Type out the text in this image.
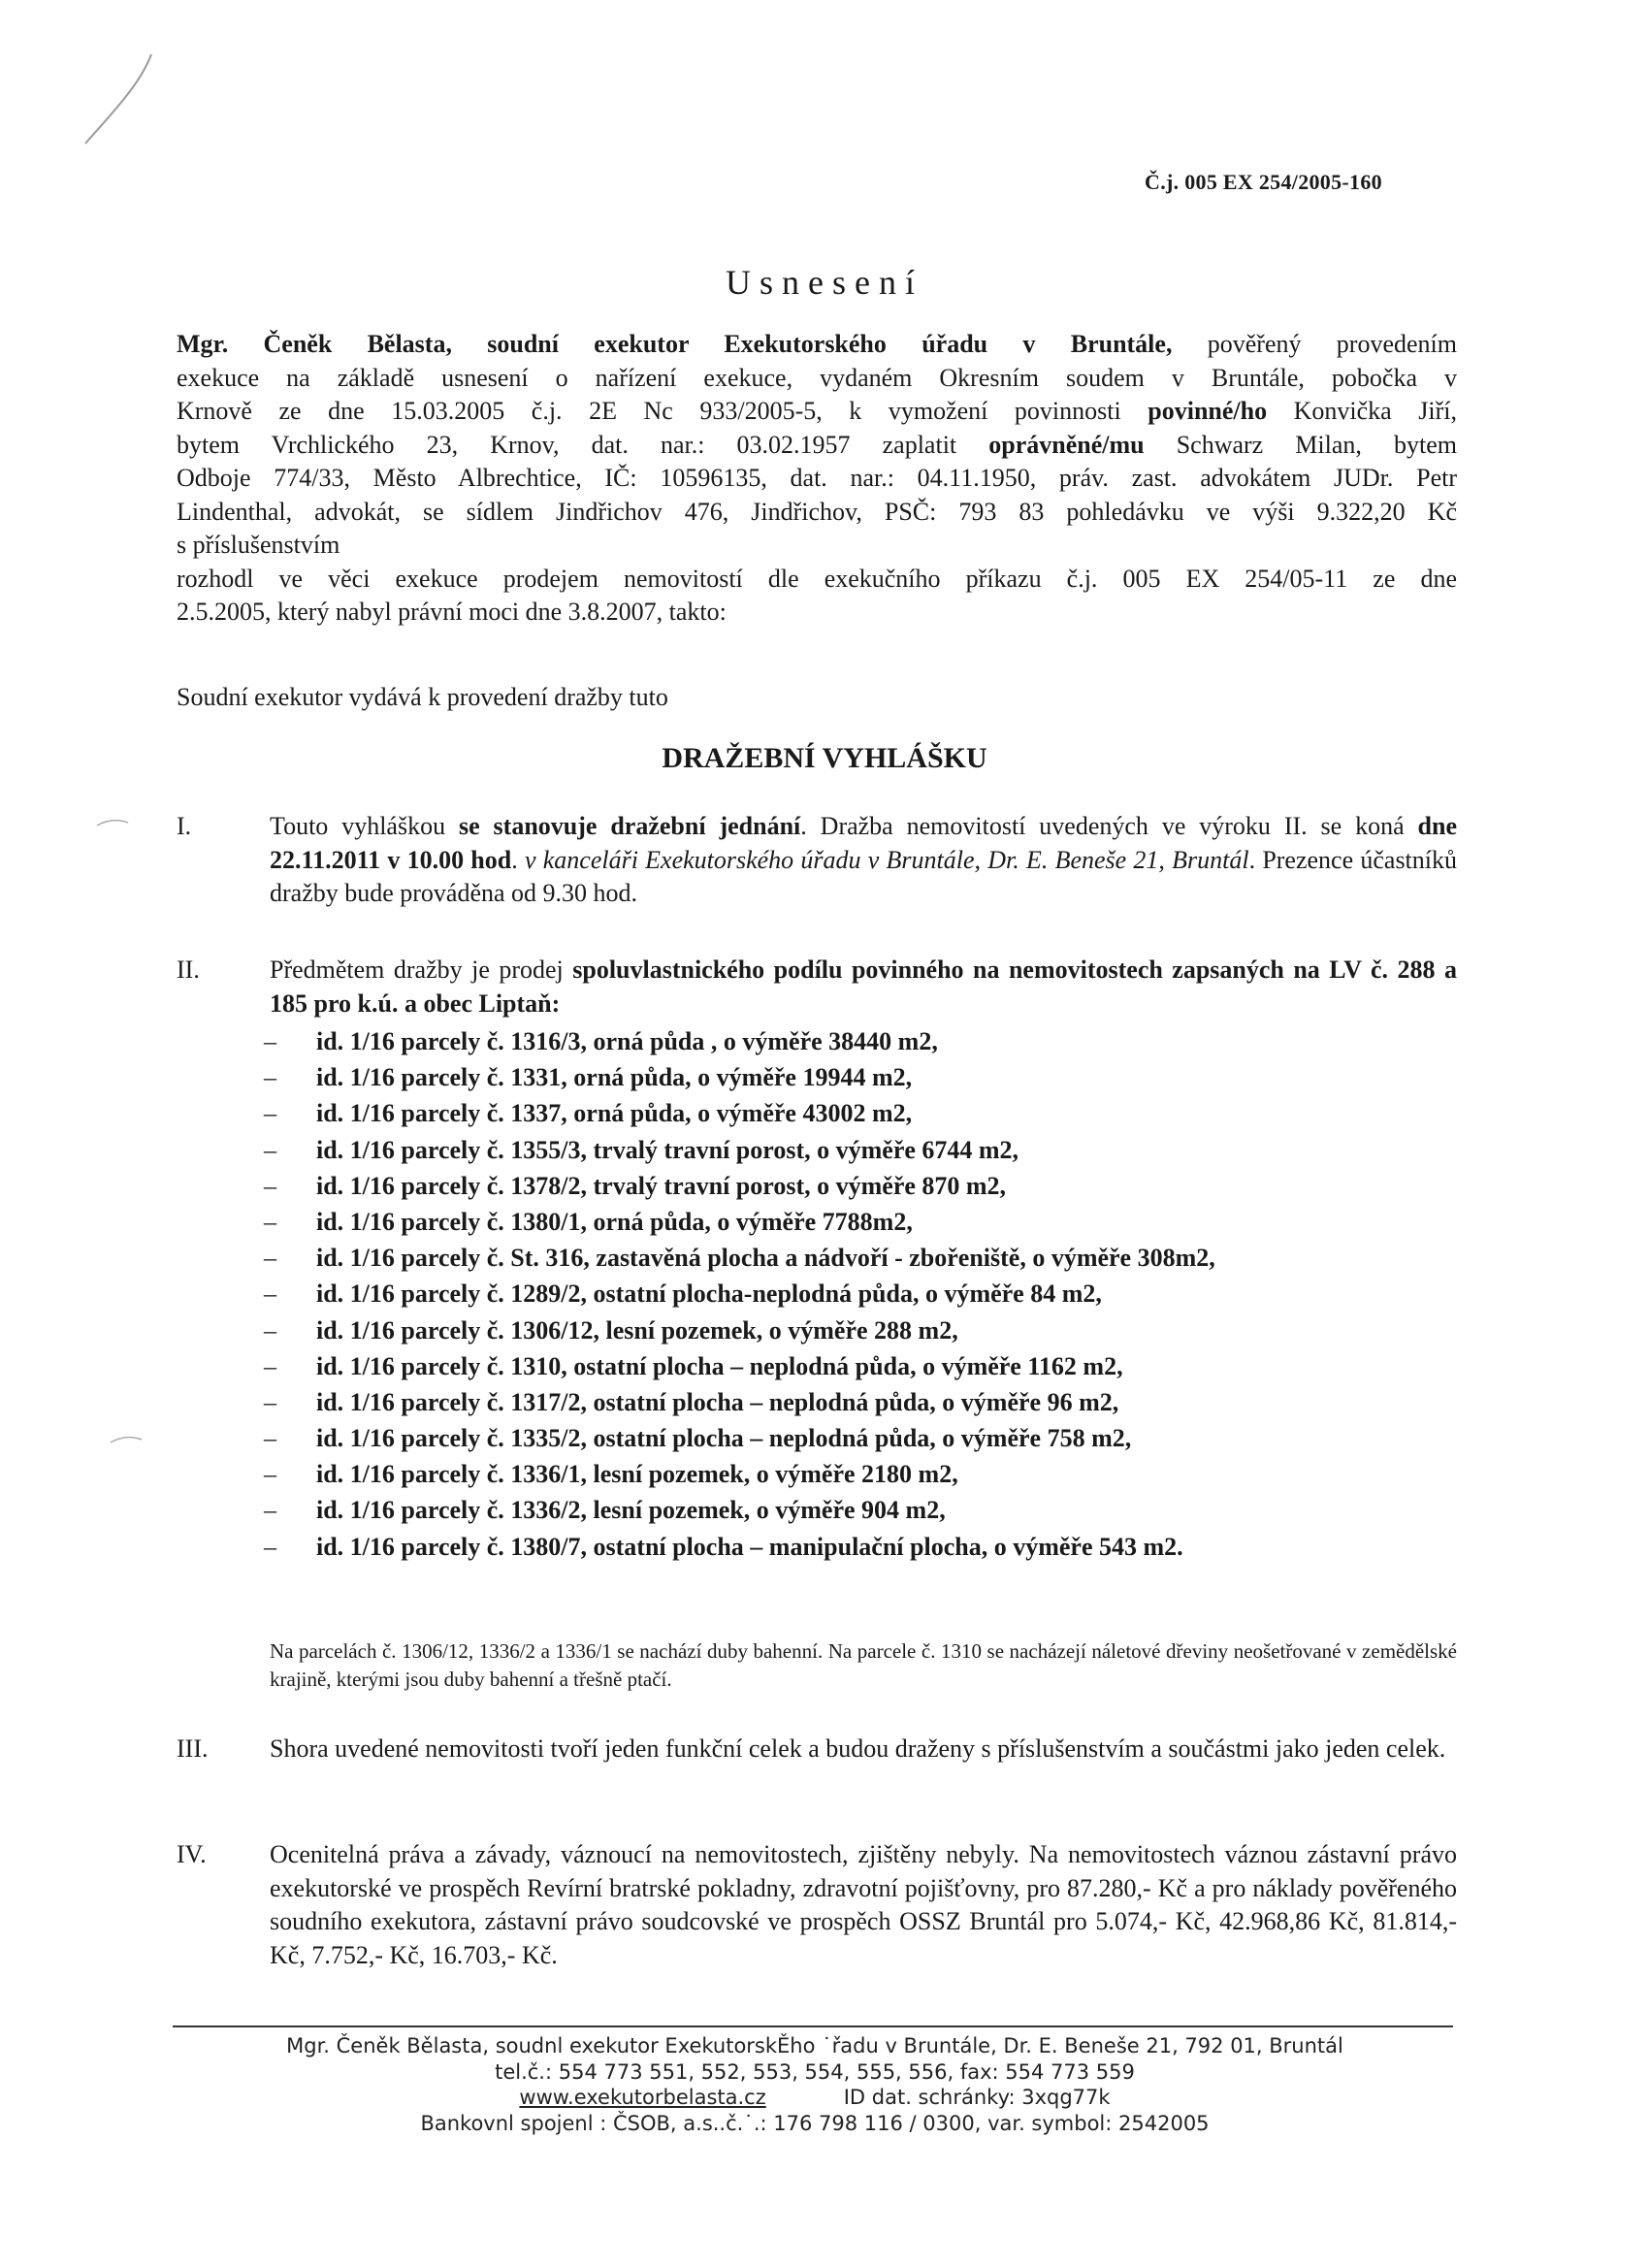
Č.j. 005 EX 254/2005-160
Usnesení
Mgr. Čeněk Bělasta, soudní exekutor Exekutorského úřadu v Bruntále, pověřený provedením
exekuce na základě usnesení o nařízení exekuce, vydaném Okresním soudem v Bruntále, pobočka v
Krnově ze dne 15.03.2005 č.j. 2E Nc 933/2005-5, k vymožení povinnosti povinné/ho Konvička Jiří,
bytem Vrchlického 23, Krnov, dat. nar.: 03.02.1957 zaplatit oprávněné/mu Schwarz Milan, bytem
Odboje 774/33, Město Albrechtice, IČ: 10596135, dat. nar.: 04.11.1950, práv. zast. advokátem JUDr. Petr
Lindenthal, advokát, se sídlem Jindřichov 476, Jindřichov, PSČ: 793 83 pohledávku ve výši 9.322,20 Kč
s příslušenstvím
rozhodl ve věci exekuce prodejem nemovitostí dle exekučního příkazu č.j. 005 EX 254/05-11 ze dne
2.5.2005, který nabyl právní moci dne 3.8.2007, takto:
Soudní exekutor vydává k provedení dražby tuto
DRAŽEBNÍ VYHLÁŠKU
I.	Touto vyhláškou se stanovuje dražební jednání. Dražba nemovitostí uvedených ve výroku II. se koná dne 22.11.2011 v 10.00 hod. v kanceláři Exekutorského úřadu v Bruntále, Dr. E. Beneše 21, Bruntál. Prezence účastníků dražby bude prováděna od 9.30 hod.
II.	Předmětem dražby je prodej spoluvlastnického podílu povinného na nemovitostech zapsaných na LV č. 288 a 185 pro k.ú. a obec Liptaň:
– id. 1/16 parcely č. 1316/3, orná půda , o výměře 38440 m2,
– id. 1/16 parcely č. 1331, orná půda, o výměře 19944 m2,
– id. 1/16 parcely č. 1337, orná půda, o výměře 43002 m2,
– id. 1/16 parcely č. 1355/3, trvalý travní porost, o výměře 6744 m2,
– id. 1/16 parcely č. 1378/2, trvalý travní porost, o výměře 870 m2,
– id. 1/16 parcely č. 1380/1, orná půda, o výměře 7788m2,
– id. 1/16 parcely č. St. 316, zastavěná plocha a nádvoří - zbořeniště, o výměře 308m2,
– id. 1/16 parcely č. 1289/2, ostatní plocha-neplodná půda, o výměře 84 m2,
– id. 1/16 parcely č. 1306/12, lesní pozemek, o výměře 288 m2,
– id. 1/16 parcely č. 1310, ostatní plocha – neplodná půda, o výměře 1162 m2,
– id. 1/16 parcely č. 1317/2, ostatní plocha – neplodná půda, o výměře 96 m2,
– id. 1/16 parcely č. 1335/2, ostatní plocha – neplodná půda, o výměře 758 m2,
– id. 1/16 parcely č. 1336/1, lesní pozemek, o výměře 2180 m2,
– id. 1/16 parcely č. 1336/2, lesní pozemek, o výměře 904 m2,
– id. 1/16 parcely č. 1380/7, ostatní plocha – manipulační plocha, o výměře 543 m2.
Na parcelách č. 1306/12, 1336/2 a 1336/1 se nachází duby bahenní. Na parcele č. 1310 se nacházejí náletové dřeviny neošetřované v zemědělské krajině, kterými jsou duby bahenní a třešně ptačí.
III. Shora uvedené nemovitosti tvoří jeden funkční celek a budou draženy s příslušenstvím a součástmi jako jeden celek.
IV.	Ocenitelná práva a závady, váznoucí na nemovitostech, zjištěny nebyly. Na nemovitostech váznou zástavní právo exekutorské ve prospěch Revírní bratrské pokladny, zdravotní pojišťovny, pro 87.280,- Kč a pro náklady pověřeného soudního exekutora, zástavní právo soudcovské ve prospěch OSSZ Bruntál pro 5.074,- Kč, 42.968,86 Kč, 81.814,- Kč, 7.752,- Kč, 16.703,- Kč.
Mgr. Čeněk Bělasta, soudnl exekutor ExekutorskĚho ˙řadu v Bruntále, Dr. E. Beneše 21, 792 01, Bruntál
tel.č.: 554 773 551, 552, 553, 554, 555, 556, fax: 554 773 559
www.exekutorbelasta.cz	ID dat. schránky: 3xqg77k
Bankovnl spojenl : ČSOB, a.s..č.˙.: 176 798 116 / 0300, var. symbol: 2542005
